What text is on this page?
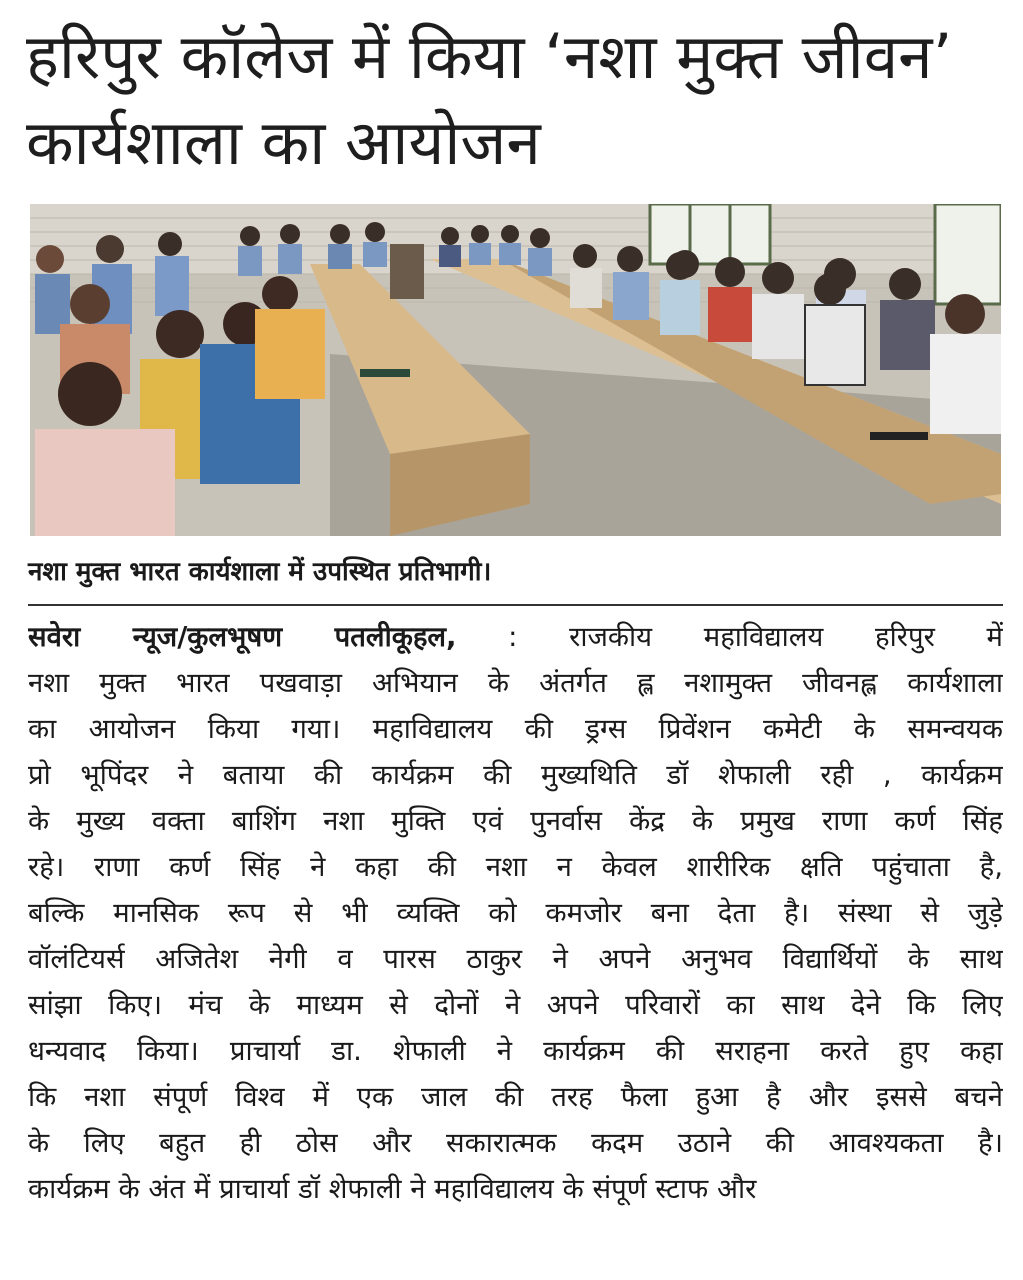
हरिपुर कॉलेज में किया ‘नशा मुक्त जीवन’
कार्यशाला का आयोजन
नशा मुक्त भारत कार्यशाला में उपस्थित प्रतिभागी।
सवेरा न्यूज/कुलभूषण पतलीकूहल, : राजकीय महाविद्यालय हरिपुर में
नशा मुक्त भारत पखवाड़ा अभियान के अंतर्गत ह्ल नशामुक्त जीवनह्ल कार्यशाला
का आयोजन किया गया। महाविद्यालय की ड्रग्स प्रिवेंशन कमेटी के समन्वयक
प्रो भूपिंदर ने बताया की कार्यक्रम की मुख्यथिति डॉ शेफाली रही , कार्यक्रम
के मुख्य वक्ता बाशिंग नशा मुक्ति एवं पुनर्वास केंद्र के प्रमुख राणा कर्ण सिंह
रहे। राणा कर्ण सिंह ने कहा की नशा न केवल शारीरिक क्षति पहुंचाता है,
बल्कि मानसिक रूप से भी व्यक्ति को कमजोर बना देता है। संस्था से जुड़े
वॉलंटियर्स अजितेश नेगी व पारस ठाकुर ने अपने अनुभव विद्यार्थियों के साथ
सांझा किए। मंच के माध्यम से दोनों ने अपने परिवारों का साथ देने कि लिए
धन्यवाद किया। प्राचार्या डा. शेफाली ने कार्यक्रम की सराहना करते हुए कहा
कि नशा संपूर्ण विश्व में एक जाल की तरह फैला हुआ है और इससे बचने
के लिए बहुत ही ठोस और सकारात्मक कदम उठाने की आवश्यकता है।
कार्यक्रम के अंत में प्राचार्या डॉ शेफाली ने महाविद्यालय के संपूर्ण स्टाफ और
